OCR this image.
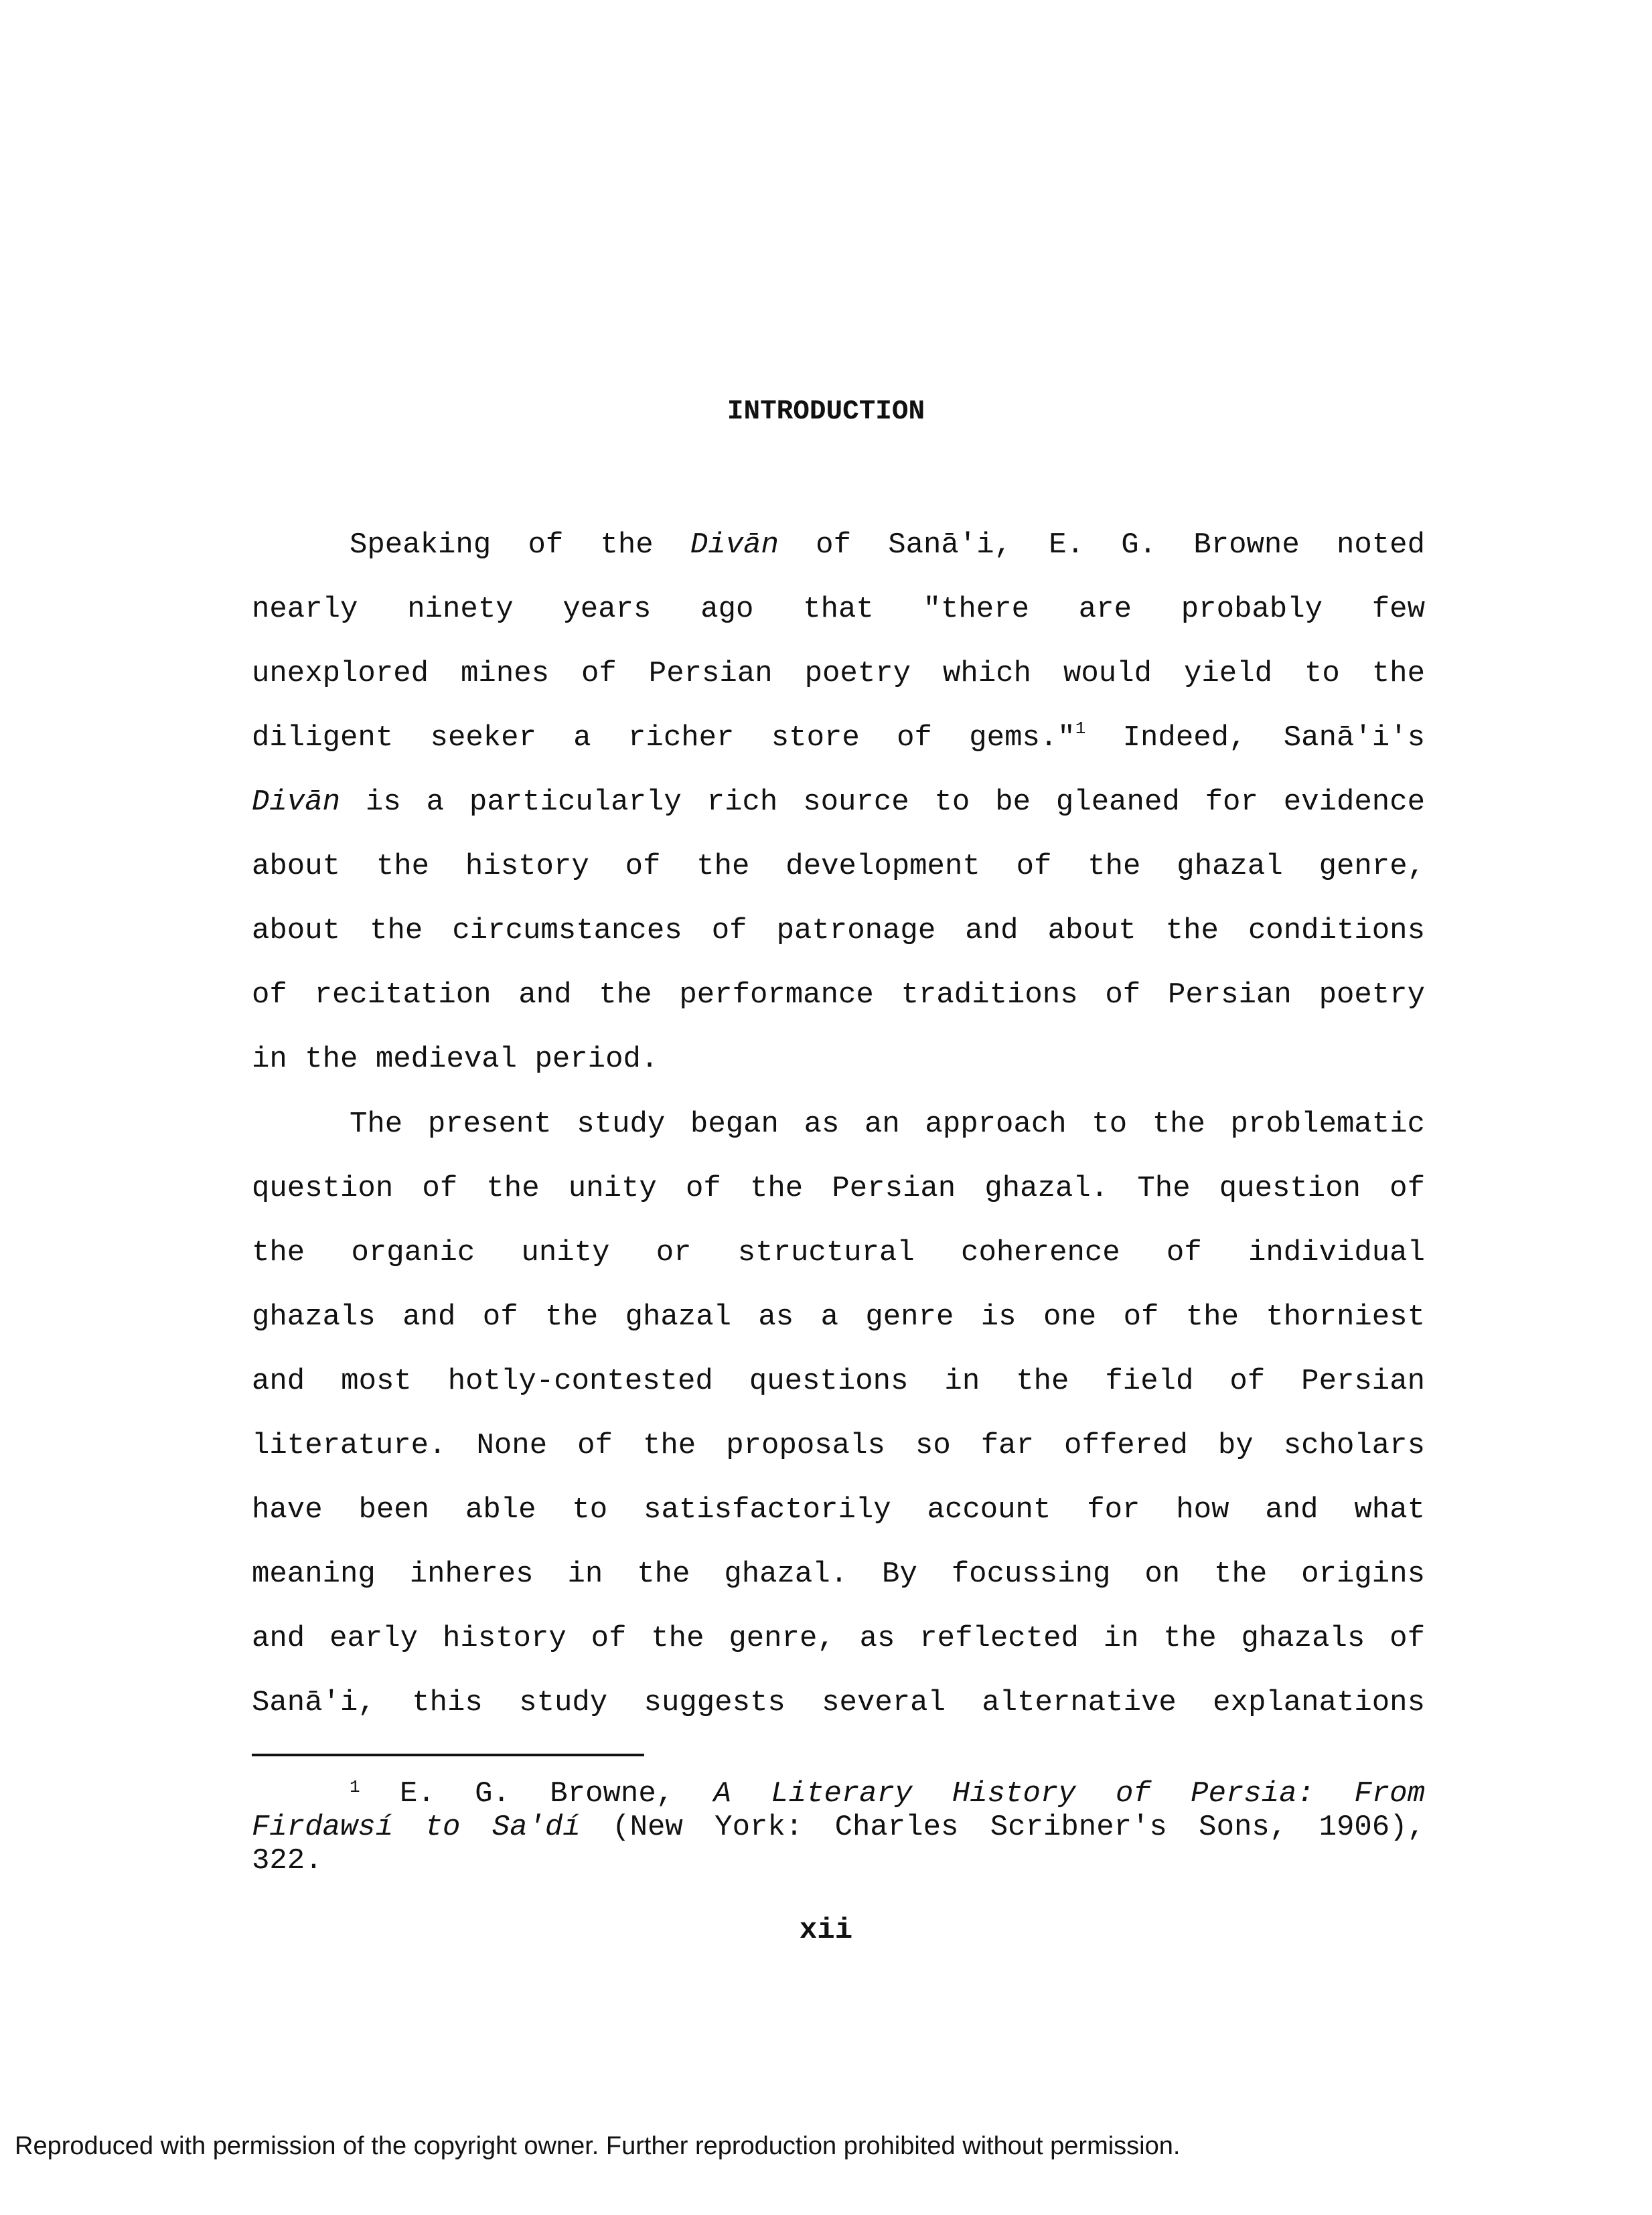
INTRODUCTION
Speaking of the Divān of Sanā'i, E. G. Browne noted
nearly ninety years ago that "there are probably few
unexplored mines of Persian poetry which would yield to the
diligent seeker a richer store of gems."$^1$ Indeed, Sanā'i's
Divān is a particularly rich source to be gleaned for evidence
about the history of the development of the ghazal genre,
about the circumstances of patronage and about the conditions
of recitation and the performance traditions of Persian poetry
in the medieval period.
The present study began as an approach to the problematic
question of the unity of the Persian ghazal. The question of
the organic unity or structural coherence of individual
ghazals and of the ghazal as a genre is one of the thorniest
and most hotly-contested questions in the field of Persian
literature. None of the proposals so far offered by scholars
have been able to satisfactorily account for how and what
meaning inheres in the ghazal. By focussing on the origins
and early history of the genre, as reflected in the ghazals of
Sanā'i, this study suggests several alternative explanations
$^1$ E. G. Browne, A Literary History of Persia: From
Firdawsí to Sa'dí (New York: Charles Scribner's Sons, 1906),
322.
xii
Reproduced with permission of the copyright owner. Further reproduction prohibited without permission.
